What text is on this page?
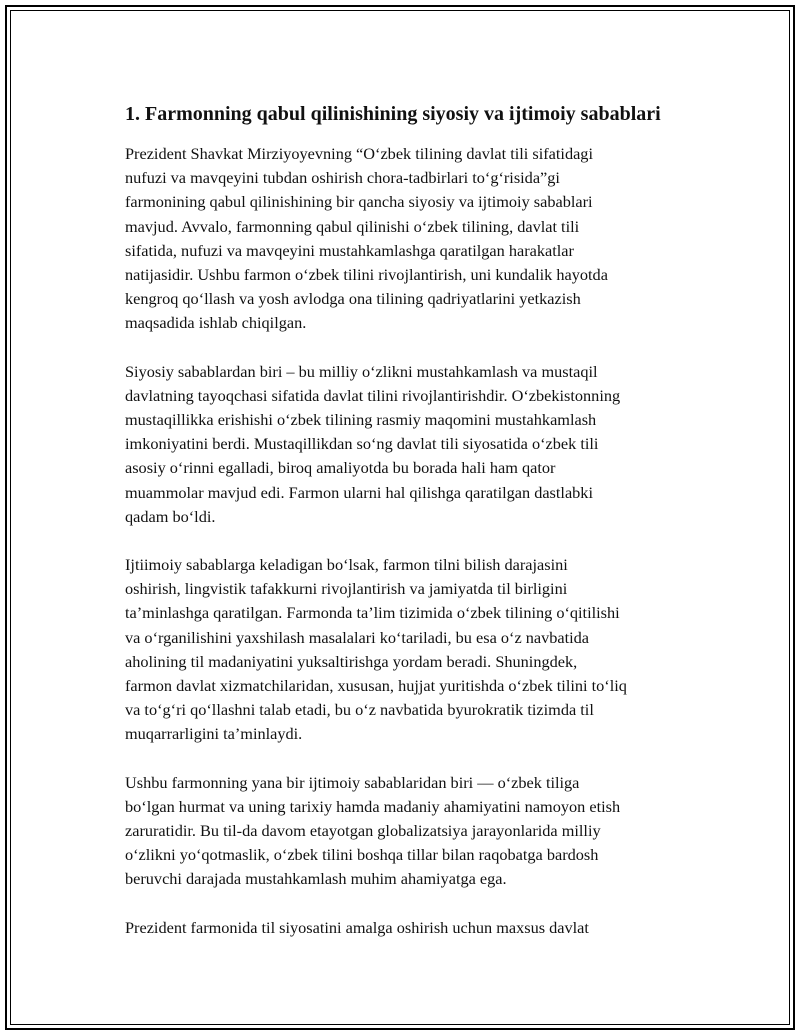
1. Farmonning qabul qilinishining siyosiy va ijtimoiy sabablari

Prezident Shavkat Mirziyoyevning “O‘zbek tilining davlat tili sifatidagi
nufuzi va mavqeyini tubdan oshirish chora-tadbirlari to‘g‘risida”gi
farmonining qabul qilinishining bir qancha siyosiy va ijtimoiy sabablari
mavjud. Avvalo, farmonning qabul qilinishi o‘zbek tilining, davlat tili
sifatida, nufuzi va mavqeyini mustahkamlashga qaratilgan harakatlar
natijasidir. Ushbu farmon o‘zbek tilini rivojlantirish, uni kundalik hayotda
kengroq qo‘llash va yosh avlodga ona tilining qadriyatlarini yetkazish
maqsadida ishlab chiqilgan.

Siyosiy sabablardan biri – bu milliy o‘zlikni mustahkamlash va mustaqil
davlatning tayoqchasi sifatida davlat tilini rivojlantirishdir. O‘zbekistonning
mustaqillikka erishishi o‘zbek tilining rasmiy maqomini mustahkamlash
imkoniyatini berdi. Mustaqillikdan so‘ng davlat tili siyosatida o‘zbek tili
asosiy o‘rinni egalladi, biroq amaliyotda bu borada hali ham qator
muammolar mavjud edi. Farmon ularni hal qilishga qaratilgan dastlabki
qadam bo‘ldi.

Ijtiimoiy sabablarga keladigan bo‘lsak, farmon tilni bilish darajasini
oshirish, lingvistik tafakkurni rivojlantirish va jamiyatda til birligini
ta’minlashga qaratilgan. Farmonda ta’lim tizimida o‘zbek tilining o‘qitilishi
va o‘rganilishini yaxshilash masalalari ko‘tariladi, bu esa o‘z navbatida
aholining til madaniyatini yuksaltirishga yordam beradi. Shuningdek,
farmon davlat xizmatchilaridan, xususan, hujjat yuritishda o‘zbek tilini to‘liq
va to‘g‘ri qo‘llashni talab etadi, bu o‘z navbatida byurokratik tizimda til
muqarrarligini ta’minlaydi.

Ushbu farmonning yana bir ijtimoiy sabablaridan biri — o‘zbek tiliga
bo‘lgan hurmat va uning tarixiy hamda madaniy ahamiyatini namoyon etish
zaruratidir. Bu til-da davom etayotgan globalizatsiya jarayonlarida milliy
o‘zlikni yo‘qotmaslik, o‘zbek tilini boshqa tillar bilan raqobatga bardosh
beruvchi darajada mustahkamlash muhim ahamiyatga ega.

Prezident farmonida til siyosatini amalga oshirish uchun maxsus davlat
